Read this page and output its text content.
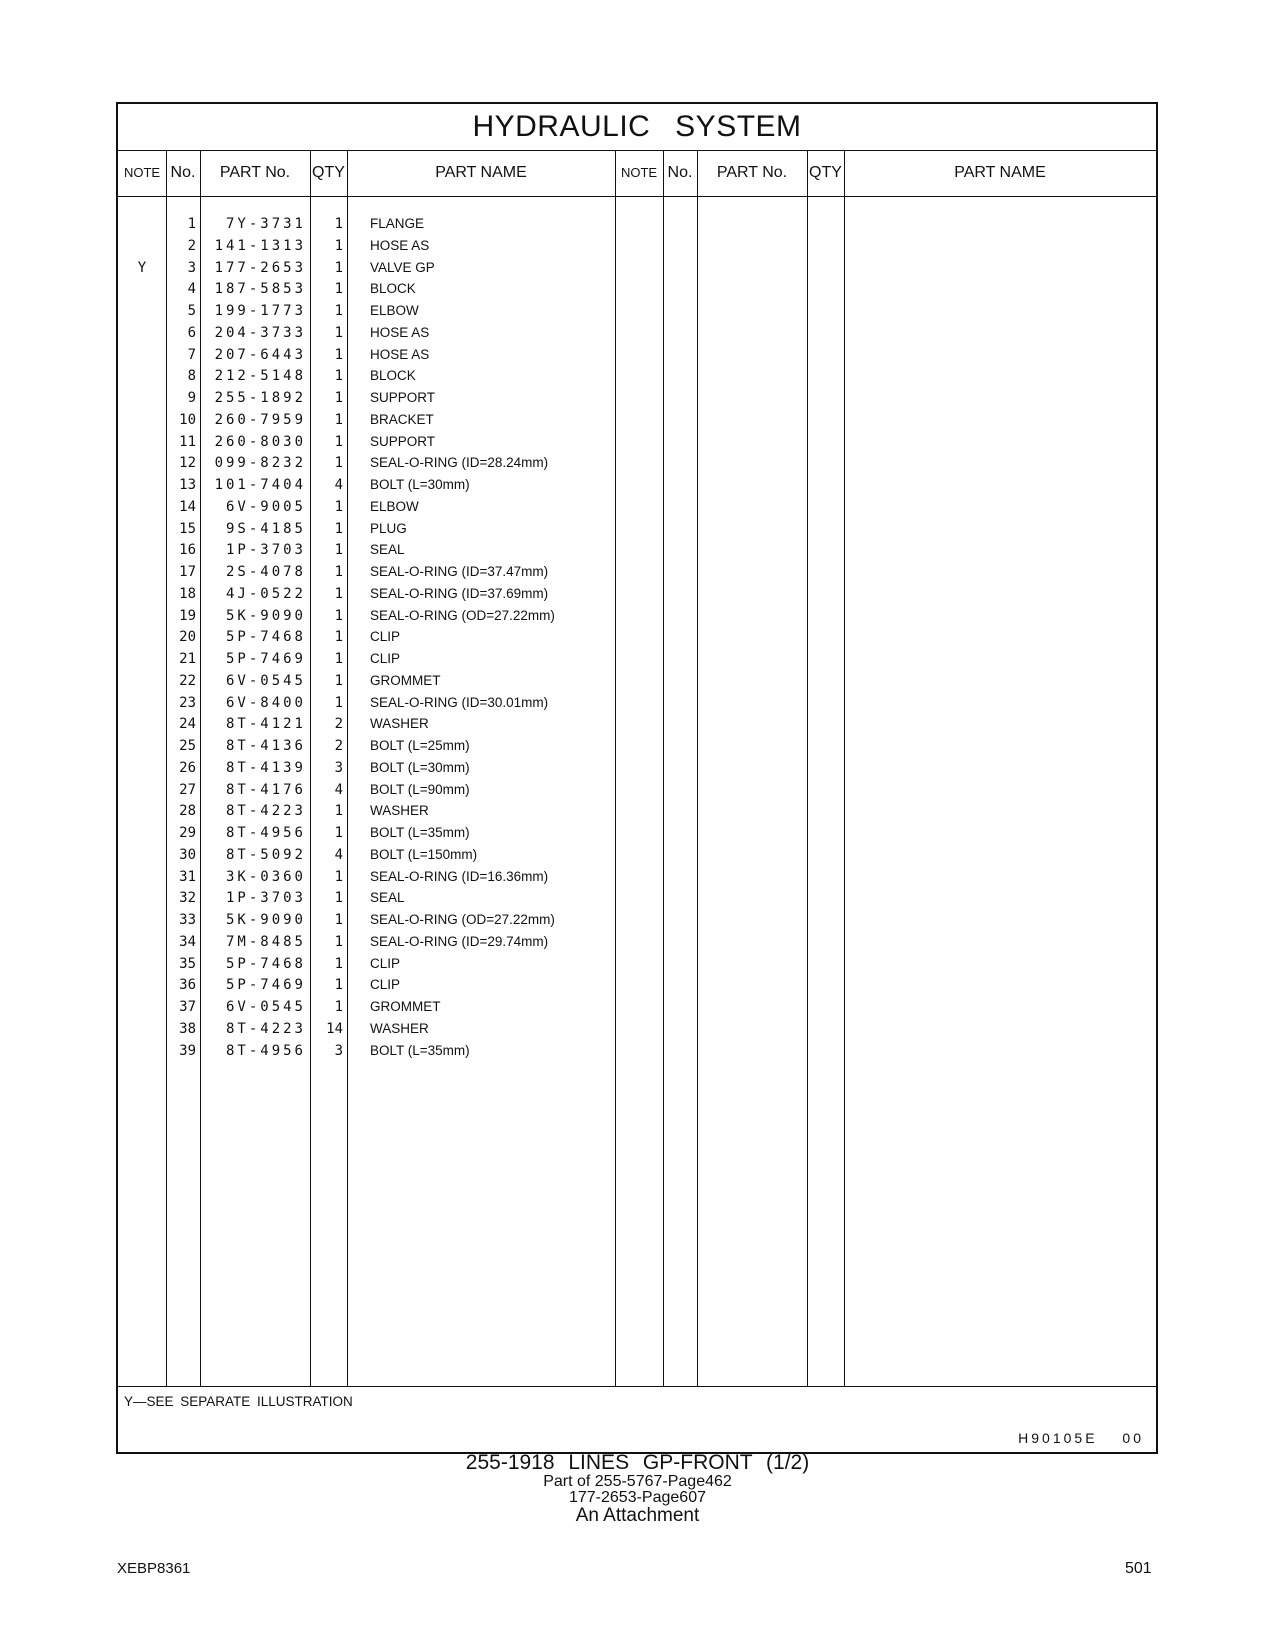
HYDRAULIC SYSTEM
NOTE No.	PART No.	QTY	PART NAME	NOTE No.	PART No.	QTY	PART NAME
1	7Y-3731	1 FLANGE
2	141-1313	1 HOSE AS
Y	3	177-2653	1 VALVE GP
4	187-5853	1 BLOCK
5	199-1773	1 ELBOW
6	204-3733	1 HOSE AS
7	207-6443	1 HOSE AS
8	212-5148	1 BLOCK
9	255-1892	1 SUPPORT
10	260-7959	1 BRACKET
11	260-8030	1 SUPPORT
12	099-8232	1 SEAL-O-RING (ID=28.24mm)
13	101-7404	4 BOLT (L=30mm)
14	6V-9005	1 ELBOW
15	9S-4185	1 PLUG
16	1P-3703	1 SEAL
17	2S-4078	1 SEAL-O-RING (ID=37.47mm)
18	4J-0522	1 SEAL-O-RING (ID=37.69mm)
19	5K-9090	1 SEAL-O-RING (OD=27.22mm)
20	5P-7468	1 CLIP
21	5P-7469	1 CLIP
22	6V-0545	1 GROMMET
23	6V-8400	1 SEAL-O-RING (ID=30.01mm)
24	8T-4121	2 WASHER
25	8T-4136	2 BOLT (L=25mm)
26	8T-4139	3 BOLT (L=30mm)
27	8T-4176	4 BOLT (L=90mm)
28	8T-4223	1 WASHER
29	8T-4956	1 BOLT (L=35mm)
30	8T-5092	4 BOLT (L=150mm)
31	3K-0360	1 SEAL-O-RING (ID=16.36mm)
32	1P-3703	1 SEAL
33	5K-9090	1 SEAL-O-RING (OD=27.22mm)
34	7M-8485	1 SEAL-O-RING (ID=29.74mm)
35	5P-7468	1 CLIP
36	5P-7469	1 CLIP
37	6V-0545	1 GROMMET
38	8T-4223	14 WASHER
39	8T-4956	3 BOLT (L=35mm)
Y—SEE SEPARATE ILLUSTRATION
H90105E 00
255-1918 LINES GP-FRONT (1/2)
Part of 255-5767-Page462
177-2653-Page607
An Attachment
XEBP8361	501
